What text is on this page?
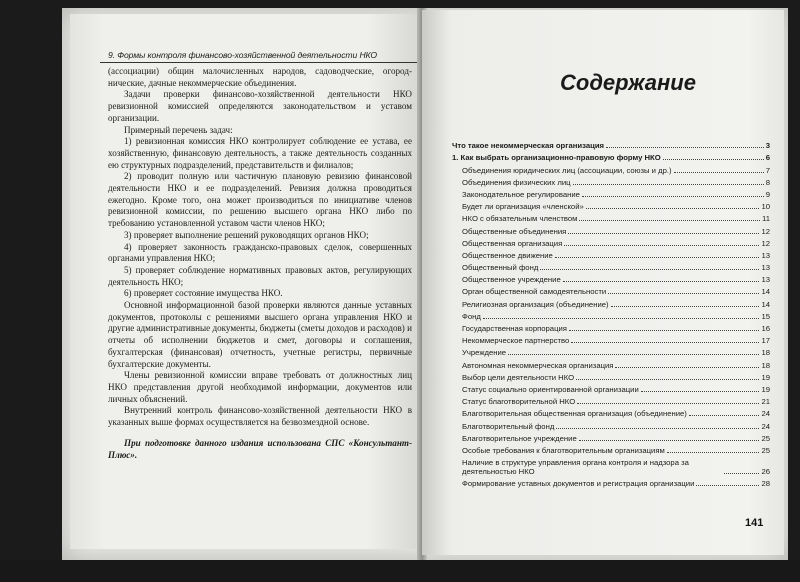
9. Формы контроля финансово-хозяйственной деятельности НКО

(ассоциации) общин малочисленных народов, садоводческие, огород-нические, дачные некоммерческие объединения.

Задачи проверки финансово-хозяйственной деятельности НКО ревизионной комиссией определяются законодательством и уставом организации.

Примерный перечень задач:

1) ревизионная комиссия НКО контролирует соблюдение ее устава, ее хозяйственную, финансовую деятельность, а также деятельность созданных ею структурных подразделений, представительств и филиалов;

2) проводит полную или частичную плановую ревизию финансовой деятельности НКО и ее подразделений. Ревизия должна проводиться ежегодно. Кроме того, она может производиться по инициативе членов ревизионной комиссии, по решению высшего органа НКО либо по требованию установленной уставом части членов НКО;

3) проверяет выполнение решений руководящих органов НКО;

4) проверяет законность гражданско-правовых сделок, совершенных органами управления НКО;

5) проверяет соблюдение нормативных правовых актов, регулирующих деятельность НКО;

6) проверяет состояние имущества НКО.

Основной информационной базой проверки являются данные уставных документов, протоколы с решениями высшего органа управления НКО и другие административные документы, бюджеты (сметы доходов и расходов) и отчеты об исполнении бюджетов и смет, договоры и соглашения, бухгалтерская (финансовая) отчетность, учетные регистры, первичные бухгалтерские документы.

Члены ревизионной комиссии вправе требовать от должностных лиц НКО представления другой необходимой информации, документов или личных объяснений.

Внутренний контроль финансово-хозяйственной деятельности НКО в указанных выше формах осуществляется на безвозмездной основе.

При подготовке данного издания использована СПС «Консультант-Плюс».

Содержание
Что такое некоммерческая организация	3
1. Как выбрать организационно-правовую форму НКО	6
Объединения юридических лиц (ассоциации, союзы и др.)	7
Объединения физических лиц	8
Законодательное регулирование	9
Будет ли организация «членской»	10
НКО с обязательным членством	11
Общественные объединения	12
Общественная организация	12
Общественное движение	13
Общественный фонд	13
Общественное учреждение	13
Орган общественной самодеятельности	14
Религиозная организация (объединение)	14
Фонд	15
Государственная корпорация	16
Некоммерческое партнерство	17
Учреждение	18
Автономная некоммерческая организация	18
Выбор цели деятельности НКО	19
Статус социально ориентированной организации	19
Статус благотворительной НКО	21
Благотворительная общественная организация (объединение)	24
Благотворительный фонд	24
Благотворительное учреждение	25
Особые требования к благотворительным организациям	25
Наличие в структуре управления органа контроля и надзора за деятельностью НКО	26
Формирование уставных документов и регистрация организации	28
141
